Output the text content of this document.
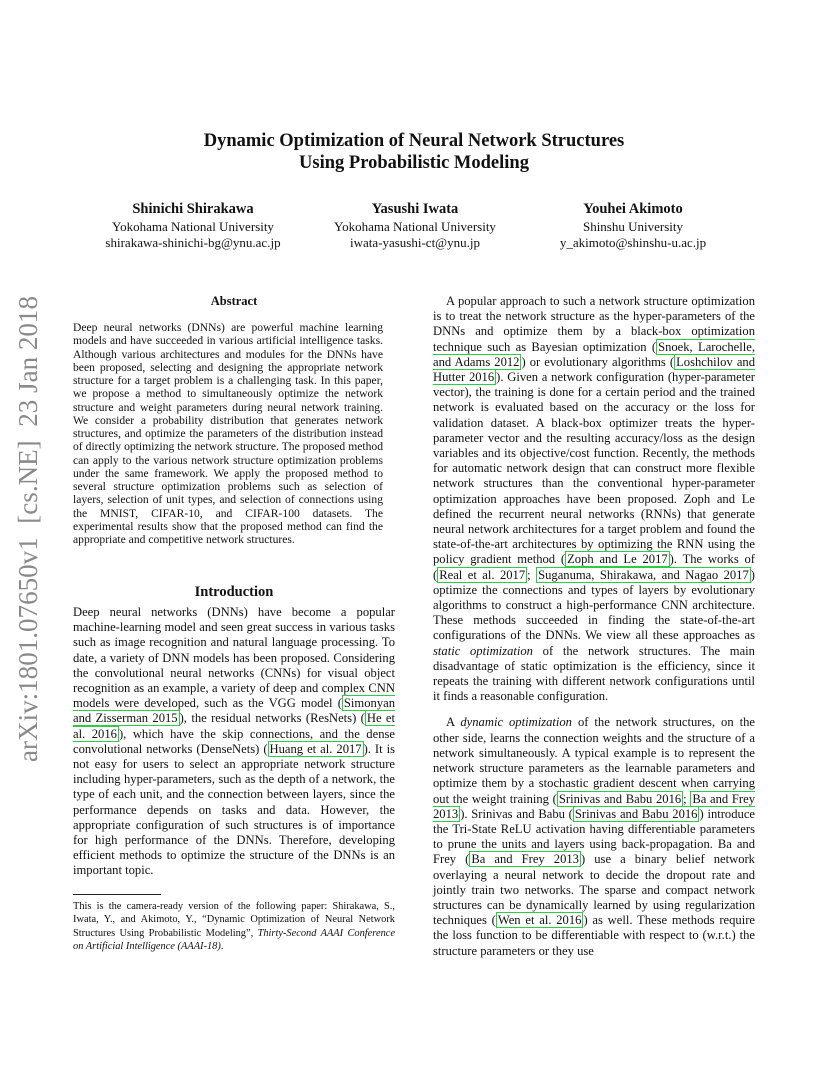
Dynamic Optimization of Neural Network Structures
Using Probabilistic Modeling
Shinichi Shirakawa
Yokohama National University
shirakawa-shinichi-bg@ynu.ac.jp
Yasushi Iwata
Yokohama National University
iwata-yasushi-ct@ynu.jp
Youhei Akimoto
Shinshu University
y_akimoto@shinshu-u.ac.jp
arXiv:1801.07650v1  [cs.NE]  23 Jan 2018	Abstract
Deep neural networks (DNNs) are powerful machine learning models and have succeeded in various artificial intelligence tasks. Although various architectures and modules for the DNNs have been proposed, selecting and designing the appropriate network structure for a target problem is a challenging task. In this paper, we propose a method to simultaneously optimize the network structure and weight parameters during neural network training. We consider a probability distribution that generates network structures, and optimize the parameters of the distribution instead of directly optimizing the network structure. The proposed method can apply to the various network structure optimization problems under the same framework. We apply the proposed method to several structure optimization problems such as selection of layers, selection of unit types, and selection of connections using the MNIST, CIFAR-10, and CIFAR-100 datasets. The experimental results show that the proposed method can find the appropriate and competitive network structures.
Introduction
Deep neural networks (DNNs) have become a popular machine-learning model and seen great success in various tasks such as image recognition and natural language processing. To date, a variety of DNN models has been proposed. Considering the convolutional neural networks (CNNs) for visual object recognition as an example, a variety of deep and complex CNN models were developed, such as the VGG model ( Simonyan and Zisserman 2015 ), the residual networks (ResNets) ( He et al. 2016 ), which have the skip connections, and the dense convolutional networks (DenseNets) ( Huang et al. 2017 ). It is not easy for users to select an appropriate network structure including hyper-parameters, such as the depth of a network, the type of each unit, and the connection between layers, since the performance depends on tasks and data. However, the appropriate configuration of such structures is of importance for high performance of the DNNs. Therefore, developing efficient methods to optimize the structure of the DNNs is an important topic.
This is the camera-ready version of the following paper: Shirakawa, S., Iwata, Y., and Akimoto, Y., “Dynamic Optimization of Neural Network Structures Using Probabilistic Modeling”, Thirty-Second AAAI Conference on Artificial Intelligence (AAAI-18).

A popular approach to such a network structure optimization is to treat the network structure as the hyper-parameters of the DNNs and optimize them by a black-box optimization technique such as Bayesian optimization ( Snoek, Larochelle, and Adams 2012 ) or evolutionary algorithms ( Loshchilov and Hutter 2016 ). Given a network configuration (hyper-parameter vector), the training is done for a certain period and the trained network is evaluated based on the accuracy or the loss for validation dataset. A black-box optimizer treats the hyper-parameter vector and the resulting accuracy/loss as the design variables and its objective/cost function. Recently, the methods for automatic network design that can construct more flexible network structures than the conventional hyper-parameter optimization approaches have been proposed. Zoph and Le defined the recurrent neural networks (RNNs) that generate neural network architectures for a target problem and found the state-of-the-art architectures by optimizing the RNN using the policy gradient method ( Zoph and Le 2017 ). The works of ( Real et al. 2017 ; Suganuma, Shirakawa, and Nagao 2017 ) optimize the connections and types of layers by evolutionary algorithms to construct a high-performance CNN architecture. These methods succeeded in finding the state-of-the-art configurations of the DNNs. We view all these approaches as static optimization of the network structures. The main disadvantage of static optimization is the efficiency, since it repeats the training with different network configurations until it finds a reasonable configuration.

A dynamic optimization of the network structures, on the other side, learns the connection weights and the structure of a network simultaneously. A typical example is to represent the network structure parameters as the learnable parameters and optimize them by a stochastic gradient descent when carrying out the weight training ( Srinivas and Babu 2016 ; Ba and Frey 2013 ). Srinivas and Babu ( Srinivas and Babu 2016 ) introduce the Tri-State ReLU activation having differentiable parameters to prune the units and layers using back-propagation. Ba and Frey ( Ba and Frey 2013 ) use a binary belief network overlaying a neural network to decide the dropout rate and jointly train two networks. The sparse and compact network structures can be dynamically learned by using regularization techniques ( Wen et al. 2016 ) as well. These methods require the loss function to be differentiable with respect to (w.r.t.) the structure parameters or they use
